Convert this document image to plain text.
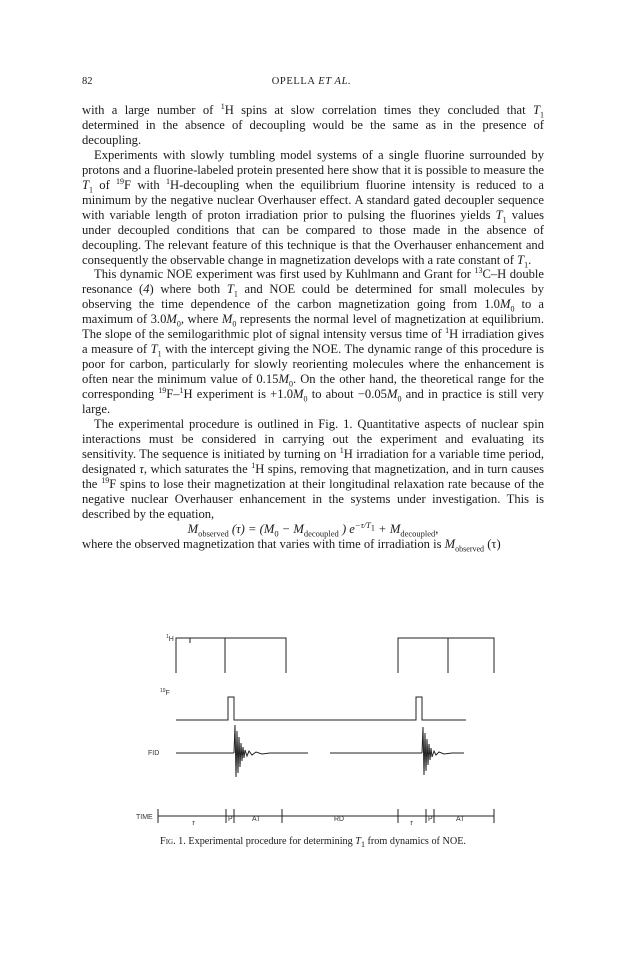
82	OPELLA ET AL.

with a large number of $^1$H spins at slow correlation times they concluded that $T_1$ determined in the absence of decoupling would be the same as in the presence of decoupling.

Experiments with slowly tumbling model systems of a single fluorine surrounded by protons and a fluorine-labeled protein presented here show that it is possible to measure the $T_1$ of $^{19}$F with $^1$H-decoupling when the equilibrium fluorine intensity is reduced to a minimum by the negative nuclear Overhauser effect. A standard gated decoupler sequence with variable length of proton irradiation prior to pulsing the fluorines yields $T_1$ values under decoupled conditions that can be compared to those made in the absence of decoupling. The relevant feature of this technique is that the Overhauser enhancement and consequently the observable change in magnetization develops with a rate constant of $T_1$.

This dynamic NOE experiment was first used by Kuhlmann and Grant for $^{13}$C–H double resonance (4) where both $T_1$ and NOE could be determined for small molecules by observing the time dependence of the carbon magnetization going from $1.0M_0$ to a maximum of $3.0M_0$, where $M_0$ represents the normal level of magnetization at equilibrium. The slope of the semilogarithmic plot of signal intensity versus time of $^1$H irradiation gives a measure of $T_1$ with the intercept giving the NOE. The dynamic range of this procedure is poor for carbon, particularly for slowly reorienting molecules where the enhancement is often near the minimum value of $0.15M_0$. On the other hand, the theoretical range for the corresponding $^{19}$F–$^1$H experiment is $+1.0M_0$ to about $-0.05M_0$ and in practice is still very large.

The experimental procedure is outlined in Fig. 1. Quantitative aspects of nuclear spin interactions must be considered in carrying out the experiment and evaluating its sensitivity. The sequence is initiated by turning on $^1$H irradiation for a variable time period, designated τ, which saturates the $^1$H spins, removing that magnetization, and in turn causes the $^{19}$F spins to lose their magnetization at their longitudinal relaxation rate because of the negative nuclear Overhauser enhancement in the systems under investigation. This is described by the equation,

$M_{observed}$ $(\tau) = (M_0 - M_{decoupled}$ ) $e^{-\tau/T_1} + M_{decoupled}$,

where the observed magnetization that varies with time of irradiation is $M_{observed}$ (τ)

$^1$H
$^{19}$F
FID
TIME
τ
P	AT	RD
τ
P	AT
Fig. 1. Experimental procedure for determining $T_1$ from dynamics of NOE.
